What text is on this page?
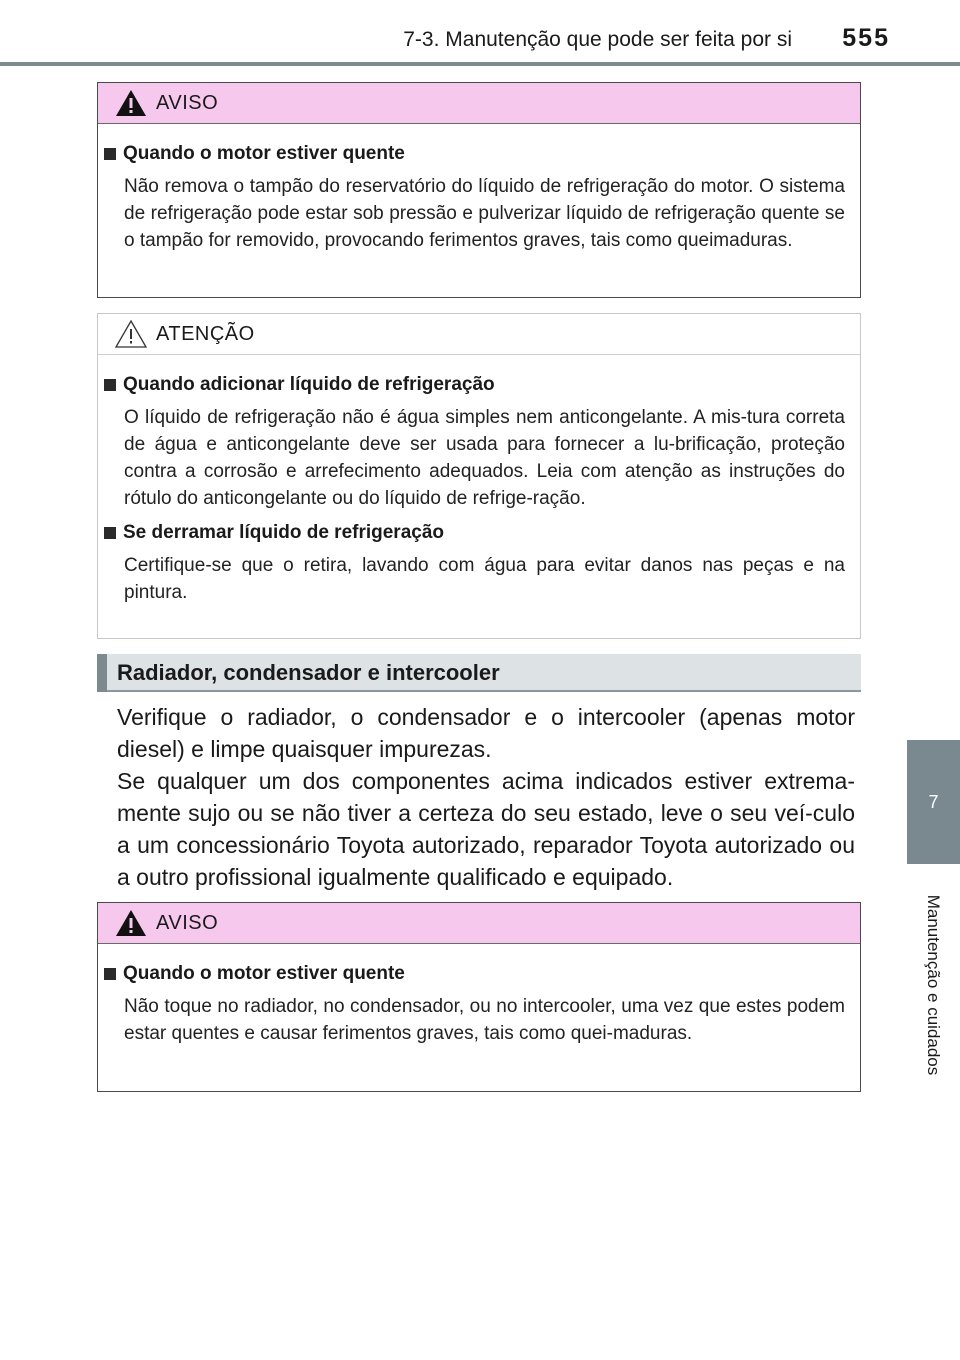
7-3. Manutenção que pode ser feita por si 555
7
Manutenção e cuidados
AVISO
Quando o motor estiver quente
Não remova o tampão do reservatório do líquido de refrigeração do motor. O sistema de refrigeração pode estar sob pressão e pulverizar líquido de refrigeração quente se o tampão for removido, provocando ferimentos graves, tais como queimaduras.
ATENÇÃO
Quando adicionar líquido de refrigeração
O líquido de refrigeração não é água simples nem anticongelante. A mis-tura correta de água e anticongelante deve ser usada para fornecer a lu-brificação, proteção contra a corrosão e arrefecimento adequados. Leia com atenção as instruções do rótulo do anticongelante ou do líquido de refrige-ração.
Se derramar líquido de refrigeração
Certifique-se que o retira, lavando com água para evitar danos nas peças e na pintura.
Radiador, condensador e intercooler

Verifique o radiador, o condensador e o intercooler (apenas motor diesel) e limpe quaisquer impurezas.

Se qualquer um dos componentes acima indicados estiver extrema-mente sujo ou se não tiver a certeza do seu estado, leve o seu veí-culo a um concessionário Toyota autorizado, reparador Toyota autorizado ou a outro profissional igualmente qualificado e equipado.

AVISO
Quando o motor estiver quente
Não toque no radiador, no condensador, ou no intercooler, uma vez que estes podem estar quentes e causar ferimentos graves, tais como quei-maduras.
